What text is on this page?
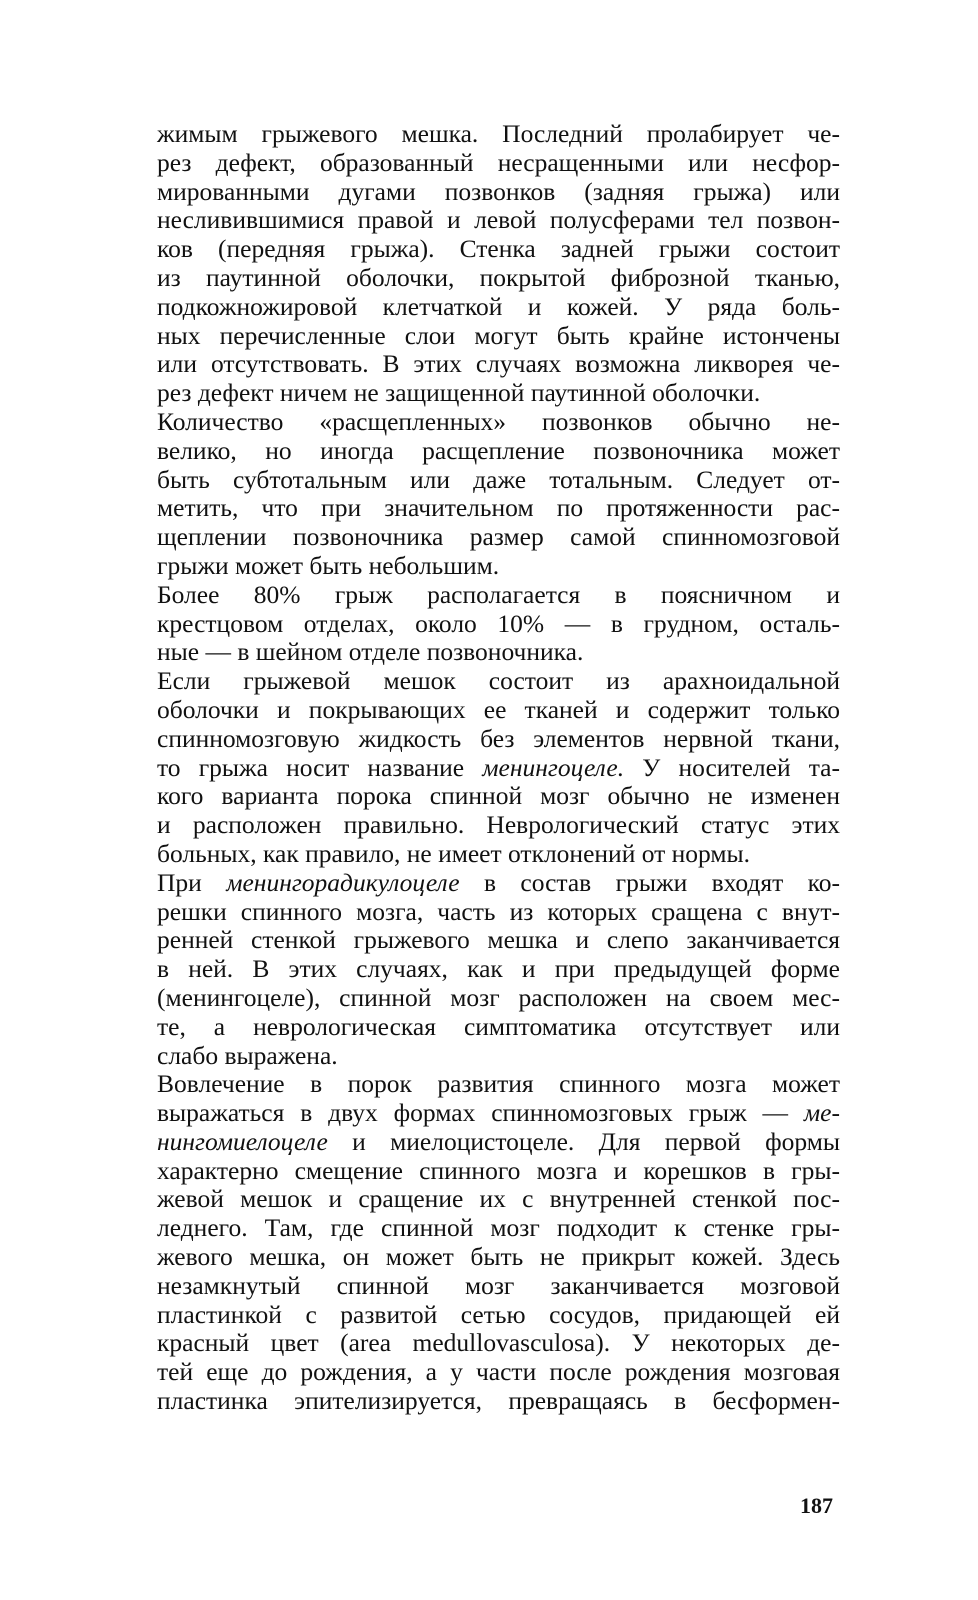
жимым грыжевого мешка. Последний пролабирует че-
рез дефект, образованный несращенными или несфор-
мированными дугами позвонков (задняя грыжа) или
несливившимися правой и левой полусферами тел позвон-
ков (передняя грыжа). Стенка задней грыжи состоит
из паутинной оболочки, покрытой фиброзной тканью,
подкожножировой клетчаткой и кожей. У ряда боль-
ных перечисленные слои могут быть крайне истончены
или отсутствовать. В этих случаях возможна ликворея че-
рез дефект ничем не защищенной паутинной оболочки.
Количество «расщепленных» позвонков обычно не-
велико, но иногда расщепление позвоночника может
быть субтотальным или даже тотальным. Следует от-
метить, что при значительном по протяженности рас-
щеплении позвоночника размер самой спинномозговой
грыжи может быть небольшим.
Более 80% грыж располагается в поясничном и
крестцовом отделах, около 10% — в грудном, осталь-
ные — в шейном отделе позвоночника.
Если грыжевой мешок состоит из арахноидальной
оболочки и покрывающих ее тканей и содержит только
спинномозговую жидкость без элементов нервной ткани,
то грыжа носит название менингоцеле. У носителей та-
кого варианта порока спинной мозг обычно не изменен
и расположен правильно. Неврологический статус этих
больных, как правило, не имеет отклонений от нормы.
При менингорадикулоцеле в состав грыжи входят ко-
решки спинного мозга, часть из которых сращена с внут-
ренней стенкой грыжевого мешка и слепо заканчивается
в ней. В этих случаях, как и при предыдущей форме
(менингоцеле), спинной мозг расположен на своем мес-
те, а неврологическая симптоматика отсутствует или
слабо выражена.
Вовлечение в порок развития спинного мозга может
выражаться в двух формах спинномозговых грыж — ме-
нингомиелоцеле и миелоцистоцеле. Для первой формы
характерно смещение спинного мозга и корешков в гры-
жевой мешок и сращение их с внутренней стенкой пос-
леднего. Там, где спинной мозг подходит к стенке гры-
жевого мешка, он может быть не прикрыт кожей. Здесь
незамкнутый спинной мозг заканчивается мозговой
пластинкой с развитой сетью сосудов, придающей ей
красный цвет (area medullovasculosa). У некоторых де-
тей еще до рождения, а у части после рождения мозговая
пластинка эпителизируется, превращаясь в бесформен-
187
